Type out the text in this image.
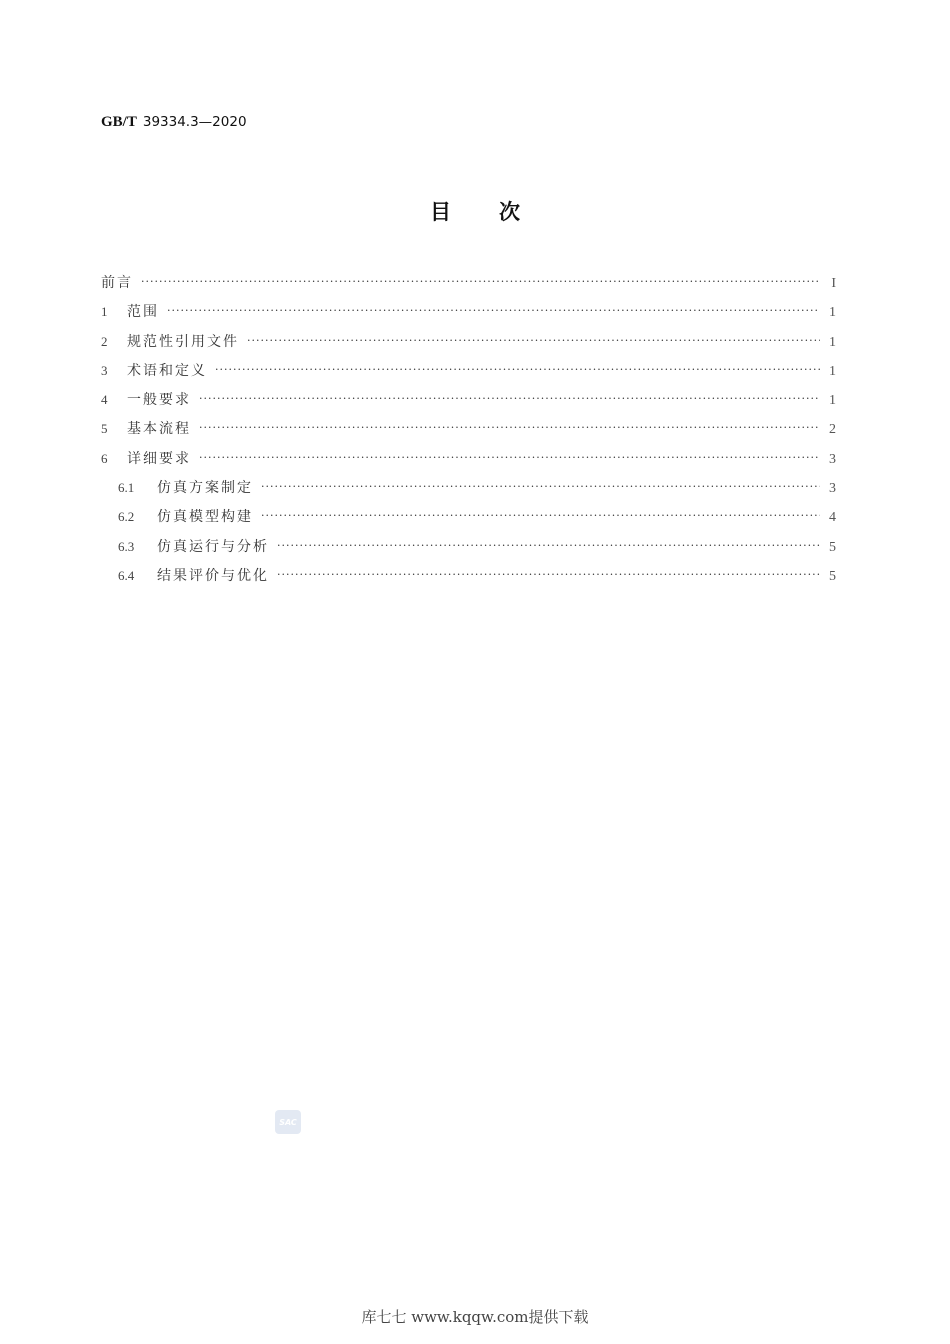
GB/T 39334.3—2020
目 次
前言 ·····	I
1	范围 ·····	1
2	规范性引用文件 ·····	1
3	术语和定义 ·····	1
4	一般要求 ·····	1
5	基本流程 ·····	2
6	详细要求 ·····	3
6.1	仿真方案制定 ·····	3
6.2	仿真模型构建 ·····	4
6.3	仿真运行与分析 ·····	5
6.4	结果评价与优化 ·····	5
SAC
库七七 www.kqqw.com提供下载
